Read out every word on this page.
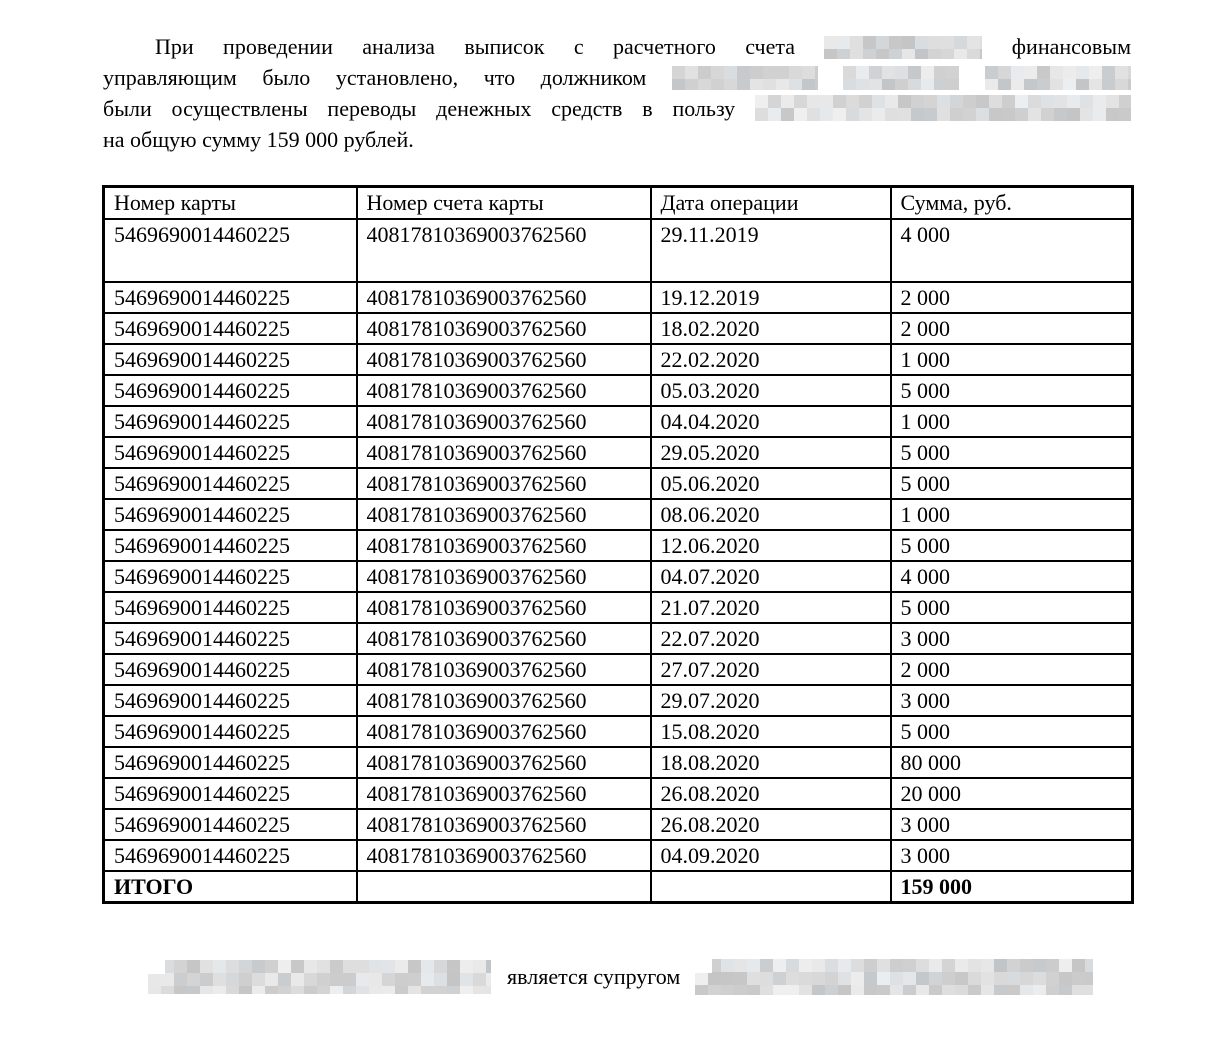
При проведении анализа выписок с расчетного счета	финансовым
управляющим было установлено, что должником

были осуществлены переводы денежных средств в пользу
на общую сумму 159 000 рублей.
Номер карты	Номер счета карты	Дата операции	Сумма, руб.
5469690014460225	40817810369003762560	29.11.2019	4 000
5469690014460225	40817810369003762560	19.12.2019	2 000
5469690014460225	40817810369003762560	18.02.2020	2 000
5469690014460225	40817810369003762560	22.02.2020	1 000
5469690014460225	40817810369003762560	05.03.2020	5 000
5469690014460225	40817810369003762560	04.04.2020	1 000
5469690014460225	40817810369003762560	29.05.2020	5 000
5469690014460225	40817810369003762560	05.06.2020	5 000
5469690014460225	40817810369003762560	08.06.2020	1 000
5469690014460225	40817810369003762560	12.06.2020	5 000
5469690014460225	40817810369003762560	04.07.2020	4 000
5469690014460225	40817810369003762560	21.07.2020	5 000
5469690014460225	40817810369003762560	22.07.2020	3 000
5469690014460225	40817810369003762560	27.07.2020	2 000
5469690014460225	40817810369003762560	29.07.2020	3 000
5469690014460225	40817810369003762560	15.08.2020	5 000
5469690014460225	40817810369003762560	18.08.2020	80 000
5469690014460225	40817810369003762560	26.08.2020	20 000
5469690014460225	40817810369003762560	26.08.2020	3 000
5469690014460225	40817810369003762560	04.09.2020	3 000
ИТОГО			159 000
является супругом
